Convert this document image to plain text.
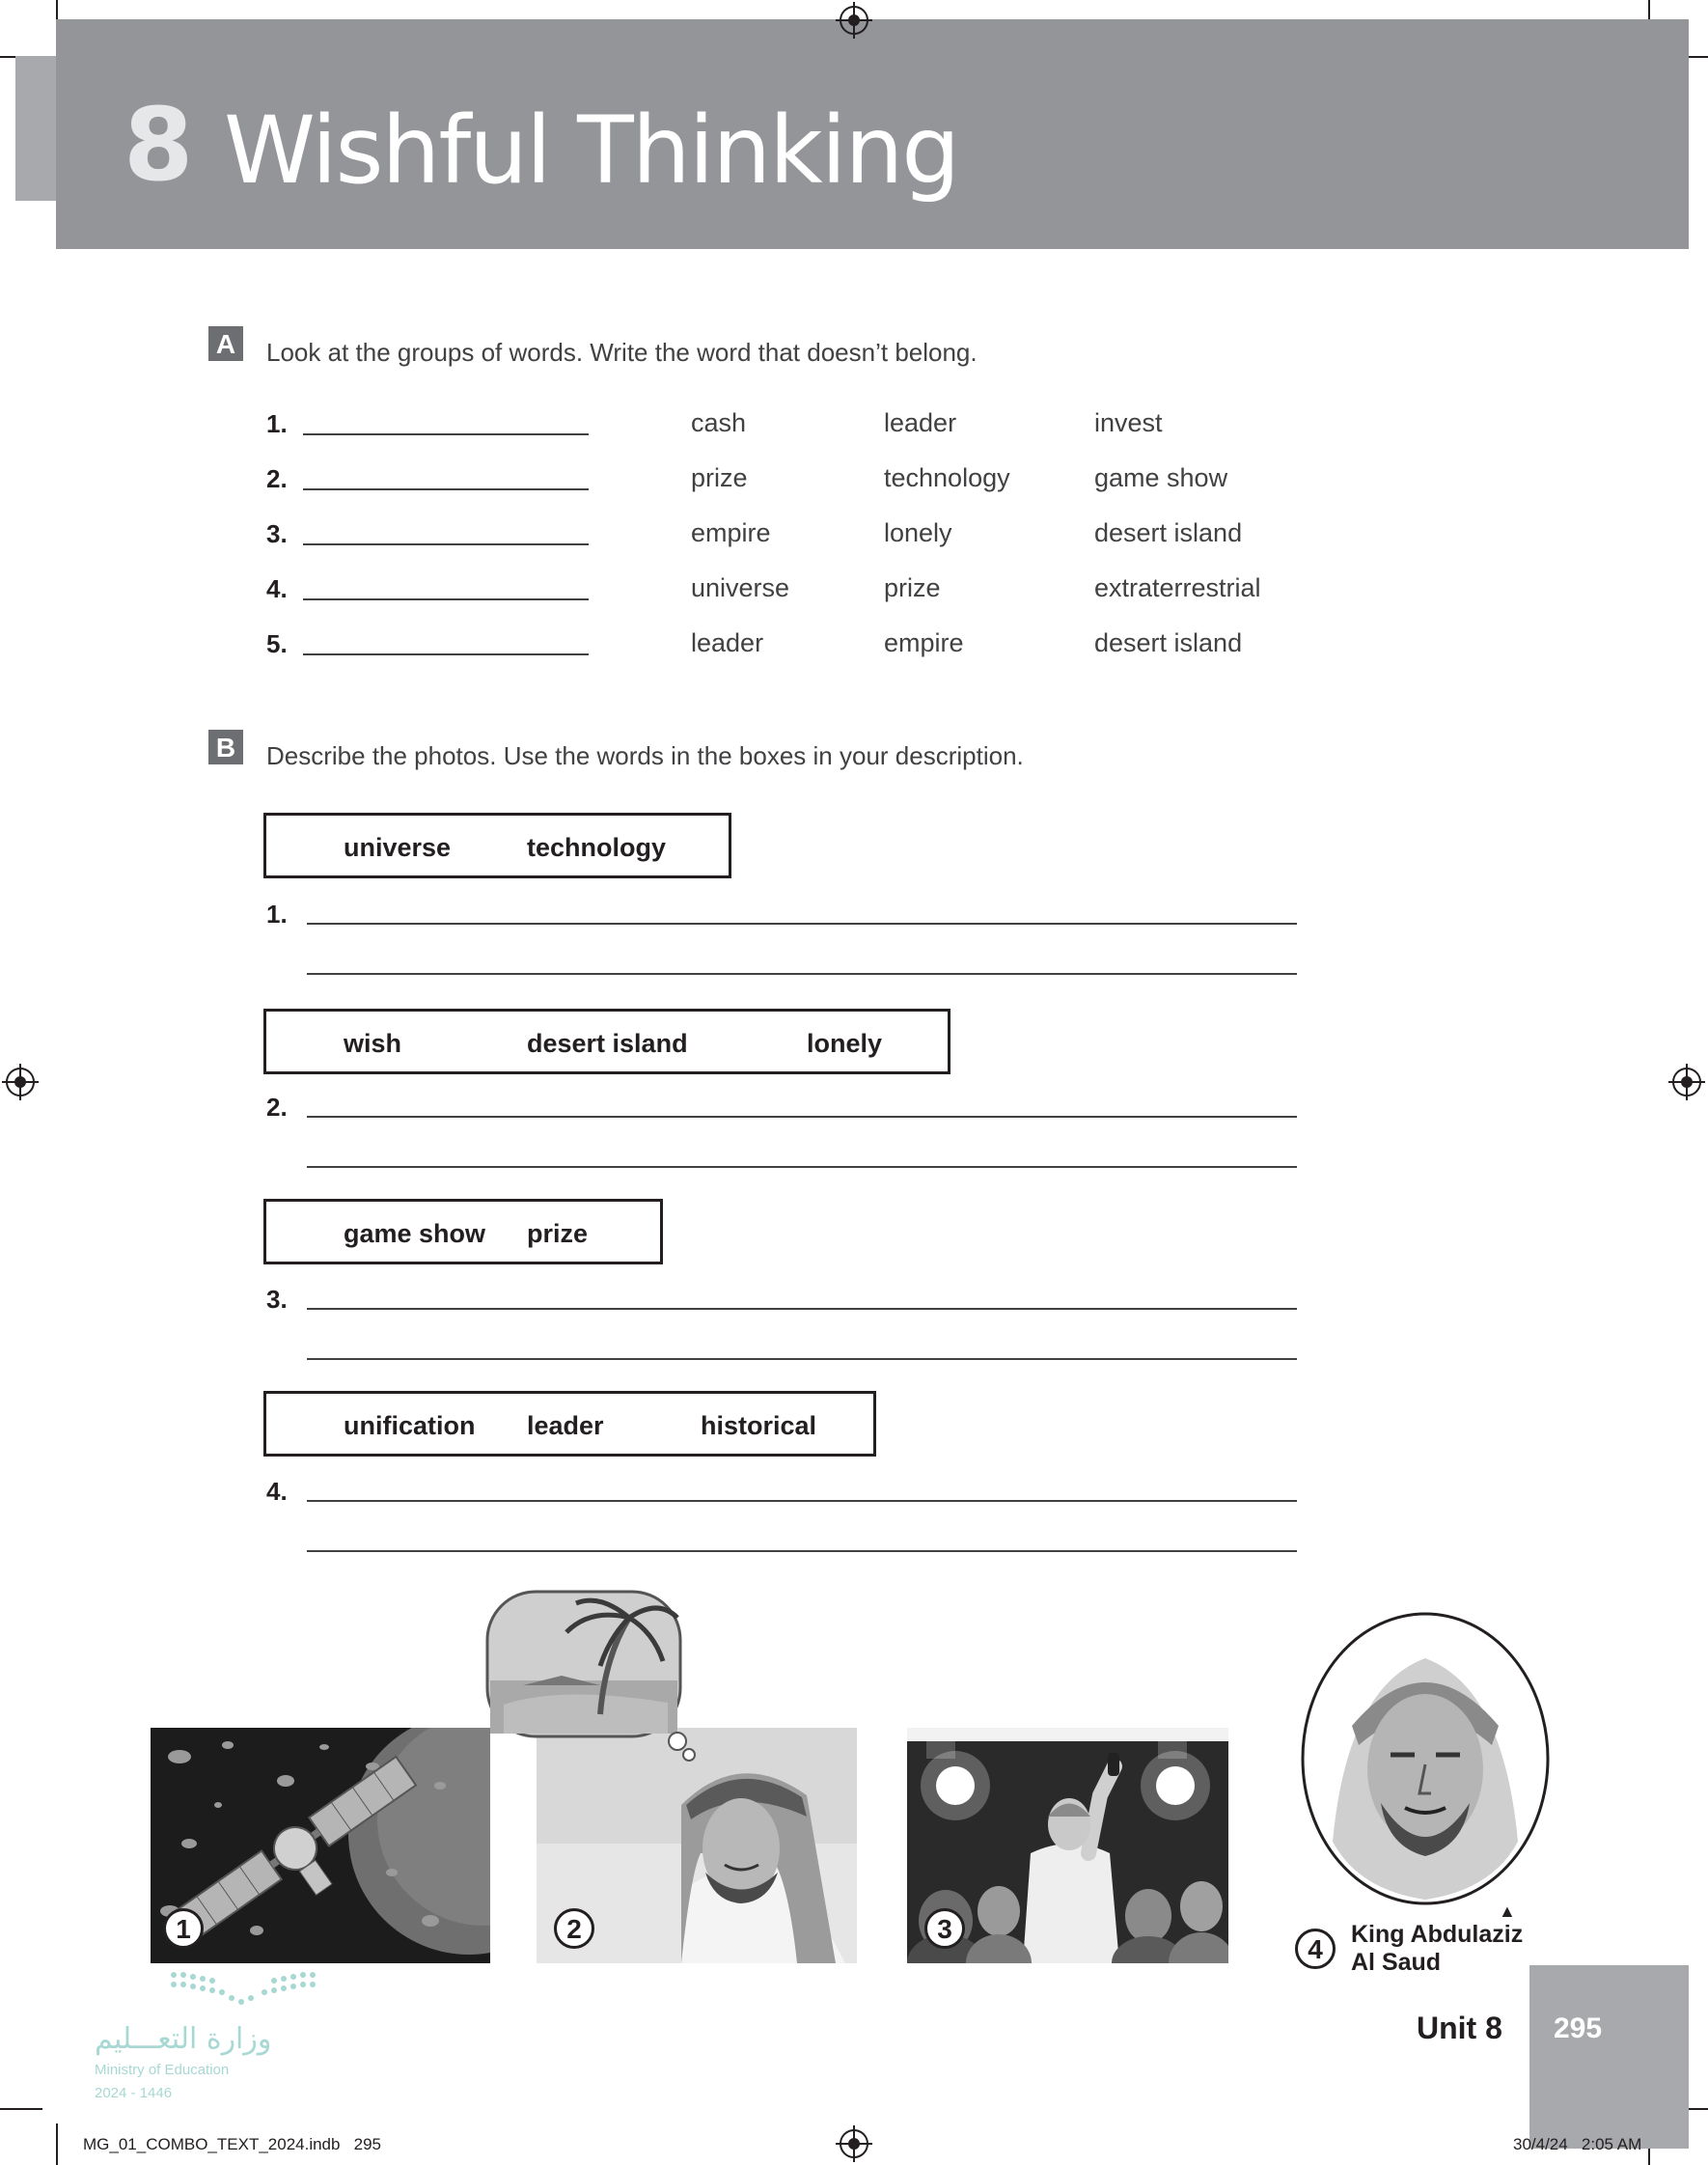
8 Wishful Thinking
A	Look at the groups of words. Write the word that doesn’t belong.
1.	cash	leader	invest
2.	prize	technology	game show
3.	empire	lonely	desert island
4.	universe	prize	extraterrestrial
5.	leader	empire	desert island
B	Describe the photos. Use the words in the boxes in your description.
universe	technology
1.
wish	desert island	lonely
2.
game show prize
3.
unification leader	historical
4.
1	2	3
▲
4	King Abdulaziz
Al Saud
وزارة التعـــليم
Ministry of Education
2024 - 1446
Unit 8 295
MG_01_COMBO_TEXT_2024.indb   295	30/4/24   2:05 AM
